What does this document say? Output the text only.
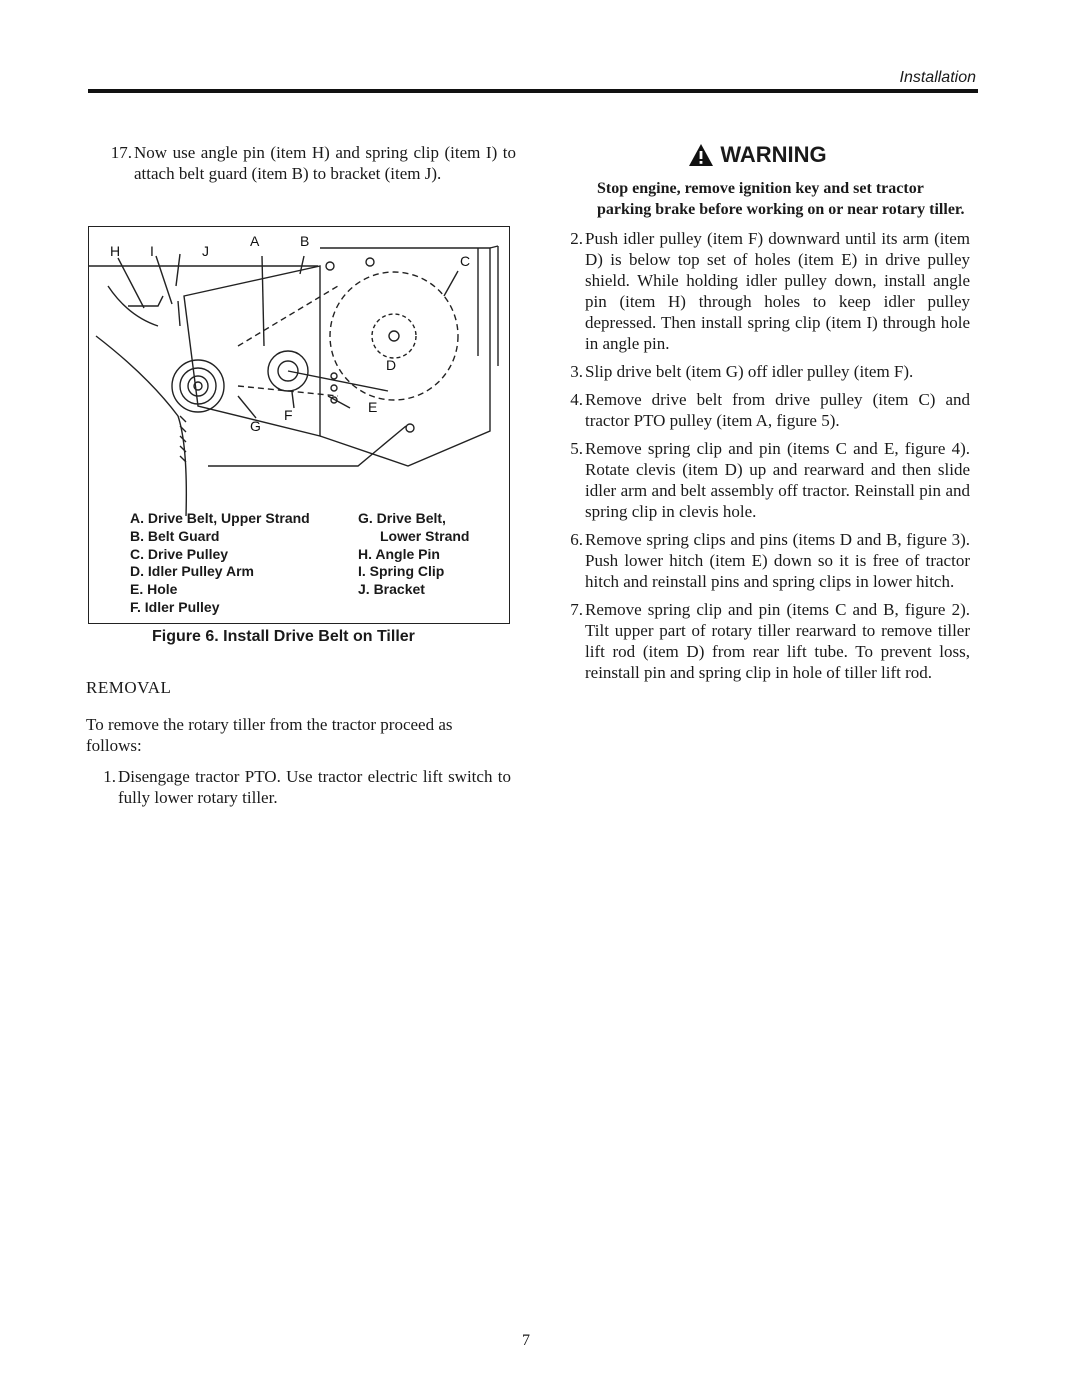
Installation
17. Now use angle pin (item H) and spring clip (item I) to attach belt guard (item B) to bracket (item J).
H I	J
A	B
C
D
E
F
G
A. Drive Belt, Upper Strand
B. Belt Guard
C. Drive Pulley
D. Idler Pulley Arm
E. Hole
F. Idler Pulley
G. Drive Belt,
Lower Strand
H. Angle Pin
I. Spring Clip
J. Bracket
Figure 6. Install Drive Belt on Tiller
REMOVAL

To remove the rotary tiller from the tractor proceed as follows:

1. Disengage tractor PTO. Use tractor electric lift switch to fully lower rotary tiller.
WARNING
Stop engine, remove ignition key and set tractor parking brake before working on or near rotary tiller.
2. Push idler pulley (item F) downward until its arm (item D) is below top set of holes (item E) in drive pulley shield. While holding idler pulley down, install angle pin (item H) through holes to keep idler pulley depressed. Then install spring clip (item I) through hole in angle pin.
3. Slip drive belt (item G) off idler pulley (item F).
4. Remove drive belt from drive pulley (item C) and tractor PTO pulley (item A, figure 5).
5. Remove spring clip and pin (items C and E, figure 4). Rotate clevis (item D) up and rearward and then slide idler arm and belt assembly off tractor. Reinstall pin and spring clip in clevis hole.
6. Remove spring clips and pins (items D and B, figure 3). Push lower hitch (item E) down so it is free of tractor hitch and reinstall pins and spring clips in lower hitch.
7. Remove spring clip and pin (items C and B, figure 2). Tilt upper part of rotary tiller rearward to remove tiller lift rod (item D) from rear lift tube. To prevent loss, reinstall pin and spring clip in hole of tiller lift rod.
7
